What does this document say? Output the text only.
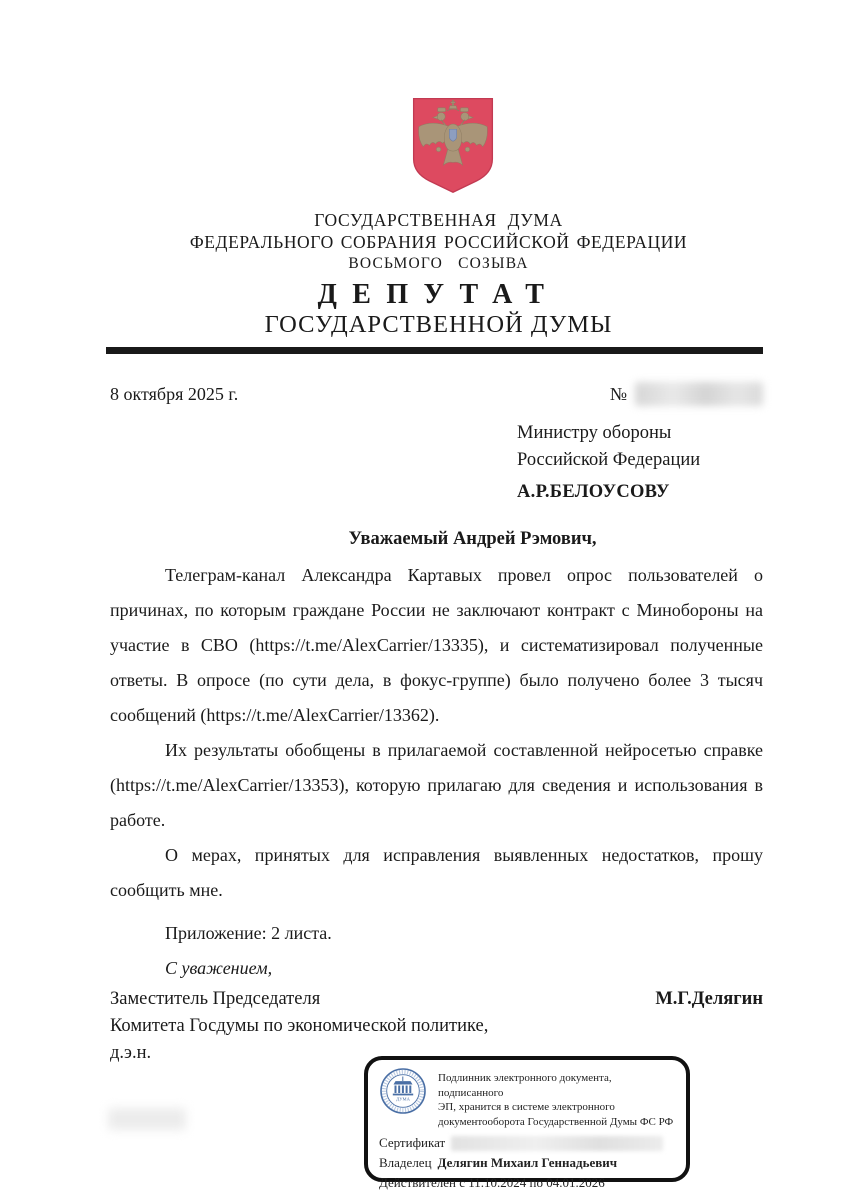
ГОСУДАРСТВЕННАЯ ДУМА
ФЕДЕРАЛЬНОГО СОБРАНИЯ РОССИЙСКОЙ ФЕДЕРАЦИИ
ВОСЬМОГО СОЗЫВА
ДЕПУТАТ
ГОСУДАРСТВЕННОЙ ДУМЫ
8 октября 2025 г.	№
Министру обороны
Российской Федерации
А.Р.БЕЛОУСОВУ
Уважаемый Андрей Рэмович,

Телеграм-канал Александра Картавых провел опрос пользователей о причинах, по которым граждане России не заключают контракт с Минобороны на участие в СВО (https://t.me/AlexCarrier/13335), и систематизировал полученные ответы. В опросе (по сути дела, в фокус-группе) было получено более 3 тысяч сообщений (https://t.me/AlexCarrier/13362).

Их результаты обобщены в прилагаемой составленной нейросетью справке (https://t.me/AlexCarrier/13353), которую прилагаю для сведения и использования в работе.

О мерах, принятых для исправления выявленных недостатков, прошу сообщить мне.

Приложение: 2 листа.
С уважением,
Заместитель Председателя	М.Г.Делягин
Комитета Госдумы по экономической политике,
д.э.н.
ДУМА
Подлинник электронного документа, подписанного
ЭП, хранится в системе электронного
документооборота Государственной Думы ФС РФ
Сертификат
Владелец Делягин Михаил Геннадьевич
Действителен с 11.10.2024 по 04.01.2026
